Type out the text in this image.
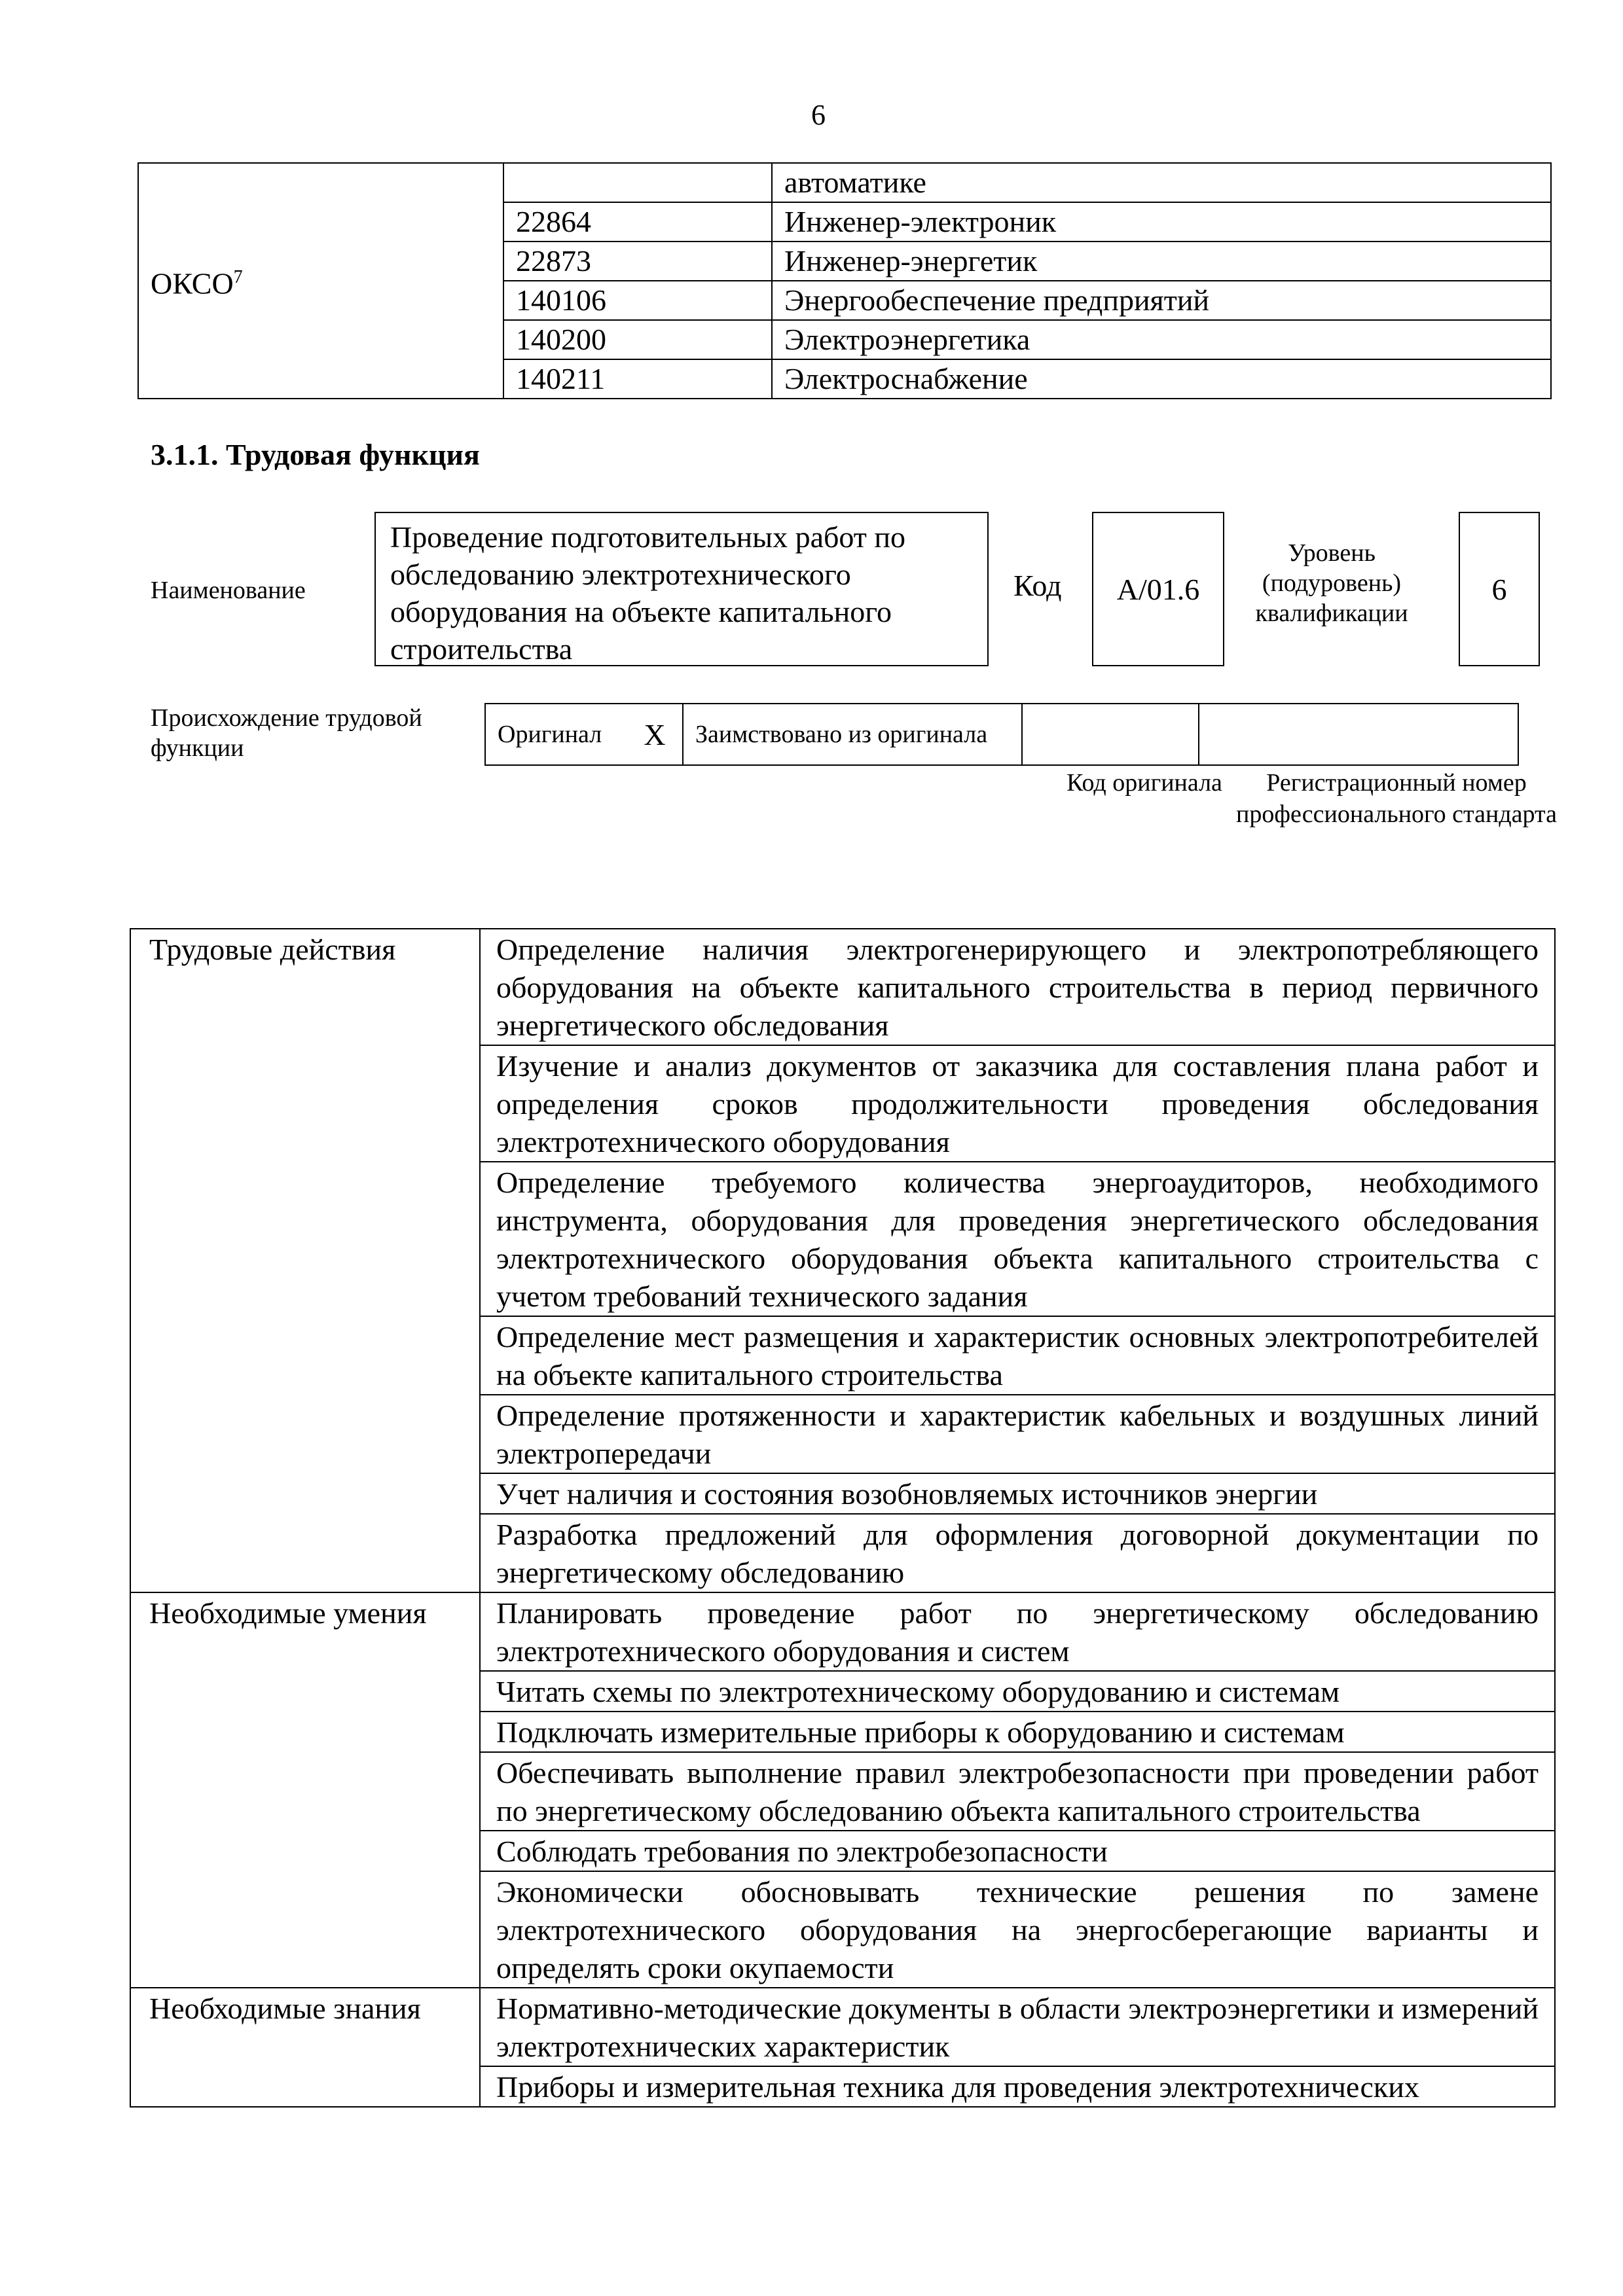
6
ОКСО$^7$		автоматике
	22864	Инженер-электроник
	22873	Инженер-энергетик
	140106	Энергообеспечение предприятий
	140200	Электроэнергетика
	140211	Электроснабжение
3.1.1. Трудовая функция
Наименование
Проведение подготовительных работ по обследованию электротехнического оборудования на объекте капитального строительства
Код А/01.6
Уровень (подуровень) квалификации
6
Происхождение трудовой функции	Оригинал	Х	Заимствовано из оригинала		
Код оригинала	Регистрационный номер профессионального стандарта
Трудовые действия	Определение наличия электрогенерирующего и электропотребляющего оборудования на объекте капитального строительства в период первичного энергетического обследования
	Изучение и анализ документов от заказчика для составления плана работ и определения сроков продолжительности проведения обследования электротехнического оборудования
	Определение требуемого количества энергоаудиторов, необходимого инструмента, оборудования для проведения энергетического обследования электротехнического оборудования объекта капитального строительства с учетом требований технического задания
	Определение мест размещения и характеристик основных электропотребителей на объекте капитального строительства
	Определение протяженности и характеристик кабельных и воздушных линий электропередачи
	Учет наличия и состояния возобновляемых источников энергии
	Разработка предложений для оформления договорной документации по энергетическому обследованию
Необходимые умения	Планировать проведение работ по энергетическому обследованию электротехнического оборудования и систем
	Читать схемы по электротехническому оборудованию и системам
	Подключать измерительные приборы к оборудованию и системам
	Обеспечивать выполнение правил электробезопасности при проведении работ по энергетическому обследованию объекта капитального строительства
	Соблюдать требования по электробезопасности
	Экономически обосновывать технические решения по замене электротехнического оборудования на энергосберегающие варианты и определять сроки окупаемости
Необходимые знания	Нормативно-методические документы в области электроэнергетики и измерений электротехнических характеристик
	Приборы и измерительная техника для проведения электротехнических
